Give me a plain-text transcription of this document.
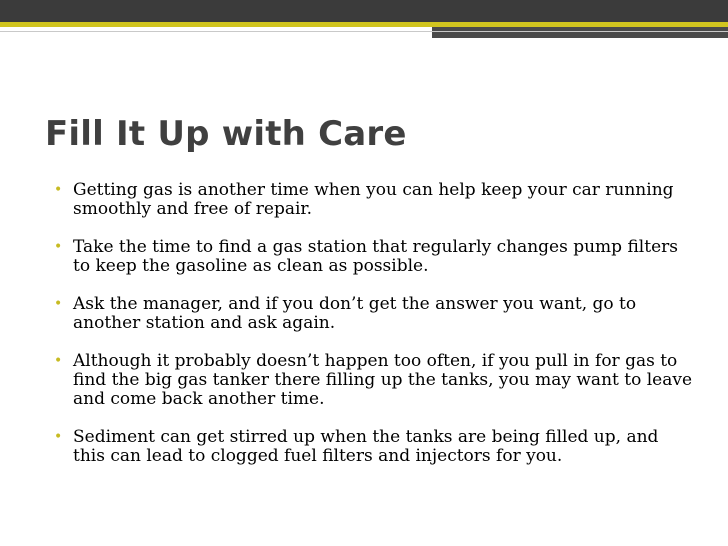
Fill It Up with Care
• Getting gas is another time when you can help keep your car running smoothly and free of repair.
• Take the time to find a gas station that regularly changes pump filters to keep the gasoline as clean as possible.
• Ask the manager, and if you don’t get the answer you want, go to another station and ask again.
• Although it probably doesn’t happen too often, if you pull in for gas to find the big gas tanker there filling up the tanks, you may want to leave and come back another time.
• Sediment can get stirred up when the tanks are being filled up, and this can lead to clogged fuel filters and injectors for you.
